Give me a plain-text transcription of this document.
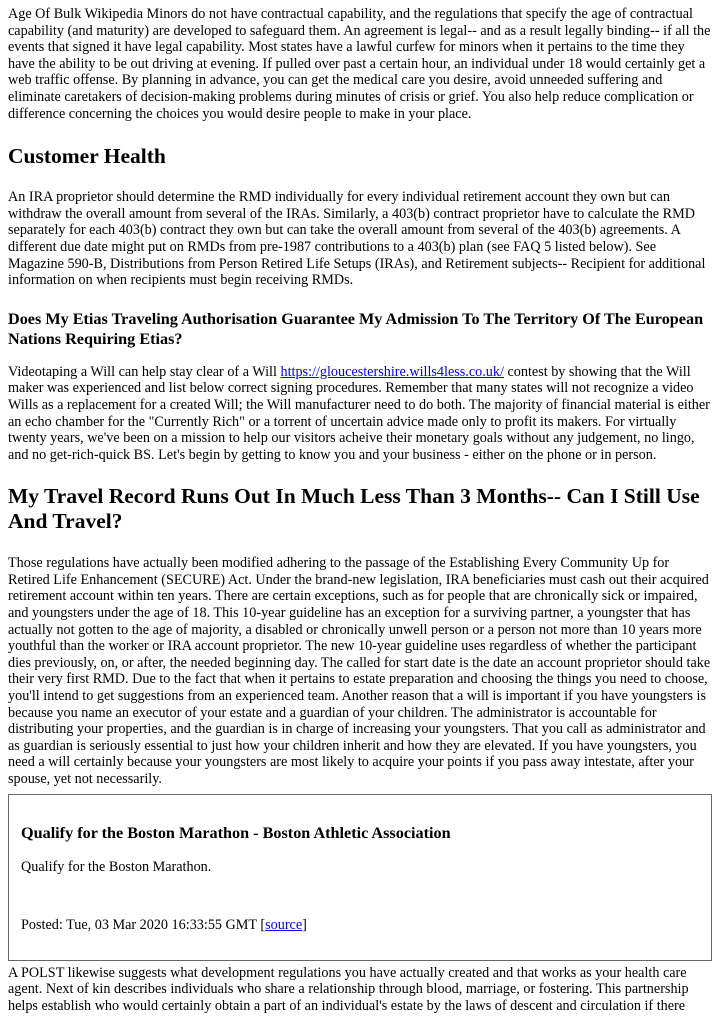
Age Of Bulk Wikipedia Minors do not have contractual capability, and the regulations that specify the age of contractual capability (and maturity) are developed to safeguard them. An agreement is legal-- and as a result legally binding-- if all the events that signed it have legal capability. Most states have a lawful curfew for minors when it pertains to the time they have the ability to be out driving at evening. If pulled over past a certain hour, an individual under 18 would certainly get a web traffic offense. By planning in advance, you can get the medical care you desire, avoid unneeded suffering and eliminate caretakers of decision-making problems during minutes of crisis or grief. You also help reduce complication or difference concerning the choices you would desire people to make in your place.

Customer Health

An IRA proprietor should determine the RMD individually for every individual retirement account they own but can withdraw the overall amount from several of the IRAs. Similarly, a 403(b) contract proprietor have to calculate the RMD separately for each 403(b) contract they own but can take the overall amount from several of the 403(b) agreements. A different due date might put on RMDs from pre-1987 contributions to a 403(b) plan (see FAQ 5 listed below). See Magazine 590-B, Distributions from Person Retired Life Setups (IRAs), and Retirement subjects-- Recipient for additional information on when recipients must begin receiving RMDs.

Does My Etias Traveling Authorisation Guarantee My Admission To The Territory Of The European Nations Requiring Etias?

Videotaping a Will can help stay clear of a Will https://gloucestershire.wills4less.co.uk/ contest by showing that the Will maker was experienced and list below correct signing procedures. Remember that many states will not recognize a video Wills as a replacement for a created Will; the Will manufacturer need to do both. The majority of financial material is either an echo chamber for the "Currently Rich" or a torrent of uncertain advice made only to profit its makers. For virtually twenty years, we've been on a mission to help our visitors acheive their monetary goals without any judgement, no lingo, and no get-rich-quick BS. Let's begin by getting to know you and your business - either on the phone or in person.

My Travel Record Runs Out In Much Less Than 3 Months-- Can I Still Use And Travel?

Those regulations have actually been modified adhering to the passage of the Establishing Every Community Up for Retired Life Enhancement (SECURE) Act. Under the brand-new legislation, IRA beneficiaries must cash out their acquired retirement account within ten years. There are certain exceptions, such as for people that are chronically sick or impaired, and youngsters under the age of 18. This 10-year guideline has an exception for a surviving partner, a youngster that has actually not gotten to the age of majority, a disabled or chronically unwell person or a person not more than 10 years more youthful than the worker or IRA account proprietor. The new 10-year guideline uses regardless of whether the participant dies previously, on, or after, the needed beginning day. The called for start date is the date an account proprietor should take their very first RMD. Due to the fact that when it pertains to estate preparation and choosing the things you need to choose, you'll intend to get suggestions from an experienced team. Another reason that a will is important if you have youngsters is because you name an executor of your estate and a guardian of your children. The administrator is accountable for distributing your properties, and the guardian is in charge of increasing your youngsters. That you call as administrator and as guardian is seriously essential to just how your children inherit and how they are elevated. If you have youngsters, you need a will certainly because your youngsters are most likely to acquire your points if you pass away intestate, after your spouse, yet not necessarily.

Qualify for the Boston Marathon - Boston Athletic Association
Qualify for the Boston Marathon.
Posted: Tue, 03 Mar 2020 16:33:55 GMT [source]

A POLST likewise suggests what development regulations you have actually created and that works as your health care agent. Next of kin describes individuals who share a relationship through blood, marriage, or fostering. This partnership helps establish who would certainly obtain a part of an individual's estate by the laws of descent and circulation if there
